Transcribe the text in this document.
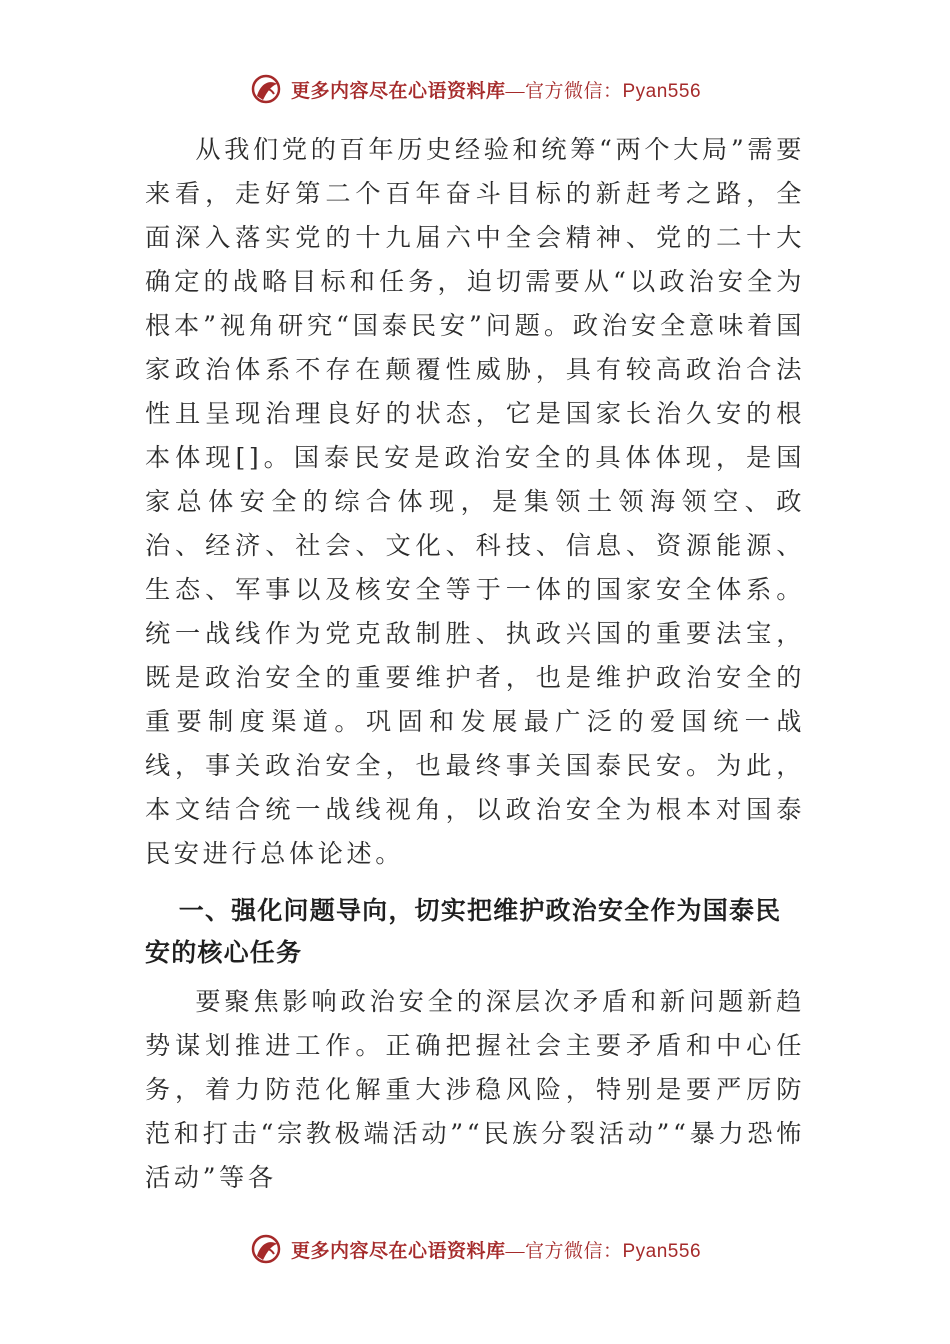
更多内容尽在心语资料库—官方微信：Pyan556

从我们党的百年历史经验和统筹“两个大局”需要来看，走好第二个百年奋斗目标的新赶考之路，全面深入落实党的十九届六中全会精神、党的二十大确定的战略目标和任务，迫切需要从“以政治安全为根本”视角研究“国泰民安”问题。政治安全意味着国家政治体系不存在颠覆性威胁，具有较高政治合法性且呈现治理良好的状态，它是国家长治久安的根本体现[]。国泰民安是政治安全的具体体现，是国家总体安全的综合体现，是集领土领海领空、政治、经济、社会、文化、科技、信息、资源能源、生态、军事以及核安全等于一体的国家安全体系。统一战线作为党克敌制胜、执政兴国的重要法宝，既是政治安全的重要维护者，也是维护政治安全的重要制度渠道。巩固和发展最广泛的爱国统一战线，事关政治安全，也最终事关国泰民安。为此，本文结合统一战线视角，以政治安全为根本对国泰民安进行总体论述。

一、强化问题导向，切实把维护政治安全作为国泰民安的核心任务

要聚焦影响政治安全的深层次矛盾和新问题新趋势谋划推进工作。正确把握社会主要矛盾和中心任务，着力防范化解重大涉稳风险，特别是要严厉防范和打击“宗教极端活动”“民族分裂活动”“暴力恐怖活动”等各

更多内容尽在心语资料库—官方微信：Pyan556
